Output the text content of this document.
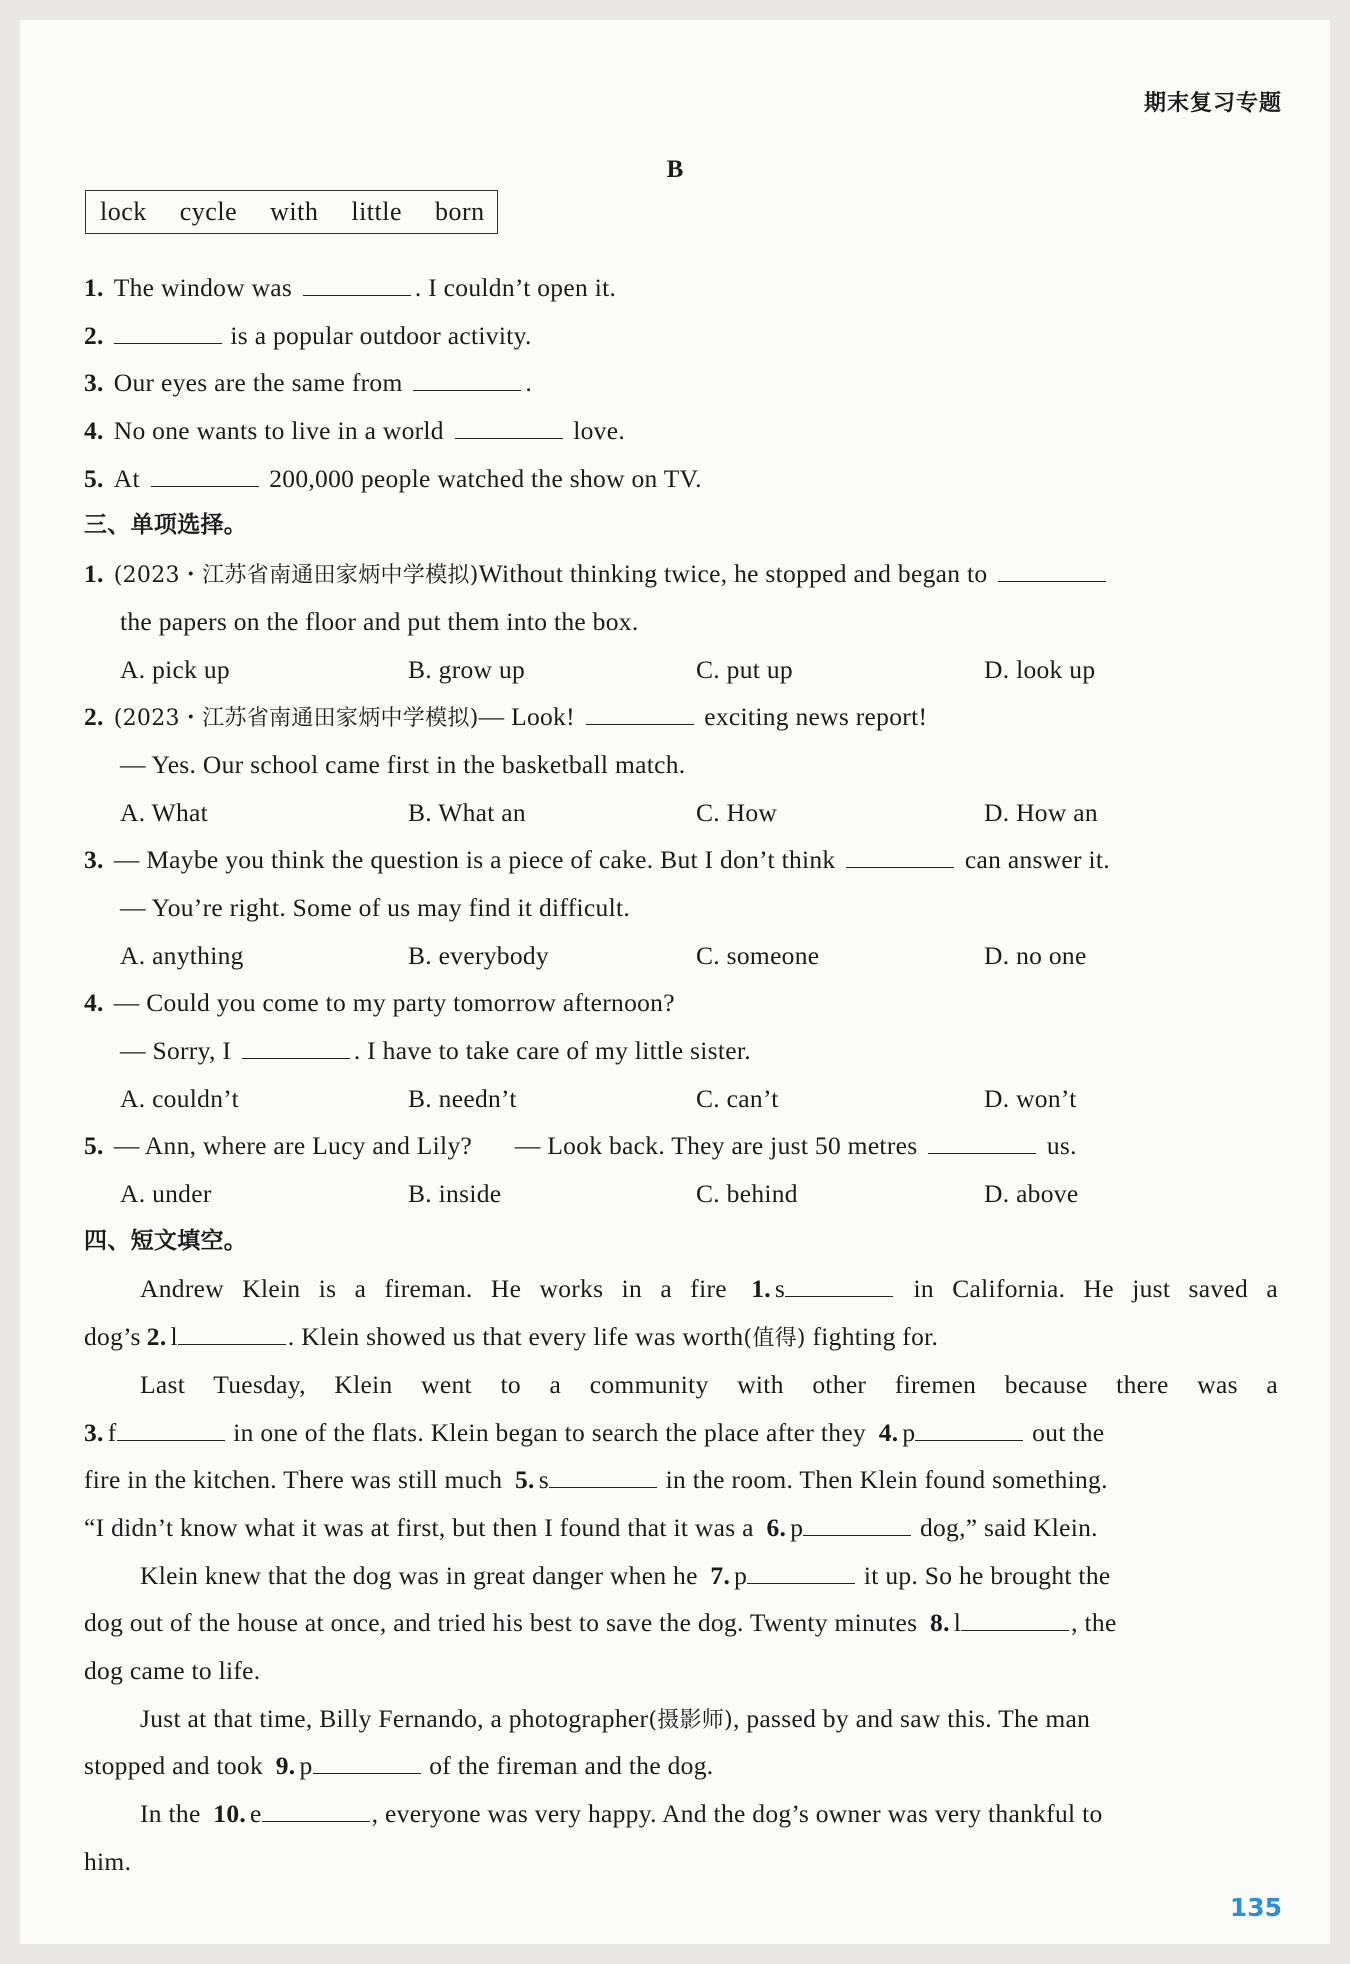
期末复习专题
B
lock cycle with little born
1. The window was	. I couldn’t open it.
2.	is a popular outdoor activity.
3. Our eyes are the same from	.
4. No one wants to live in a world	love.
5. At	200,000 people watched the show on TV.
三、单项选择。
1. (2023・江苏省南通田家炳中学模拟)Without thinking twice, he stopped and began to
the papers on the floor and put them into the box.
A. pick up	B. grow up	C. put up	D. look up
2. (2023・江苏省南通田家炳中学模拟)— Look!	exciting news report!
— Yes. Our school came first in the basketball match.
A. What	B. What an	C. How	D. How an
3. — Maybe you think the question is a piece of cake. But I don’t think	can answer it.
— You’re right. Some of us may find it difficult.
A. anything	B. everybody	C. someone	D. no one
4. — Could you come to my party tomorrow afternoon?
— Sorry, I	. I have to take care of my little sister.
A. couldn’t	B. needn’t	C. can’t	D. won’t
5. — Ann, where are Lucy and Lily? — Look back. They are just 50 metres	us.
A. under	B. inside	C. behind	D. above
四、短文填空。
Andrew Klein is a fireman. He works in a fire 1. s	in California. He just saved a
dog’s 2. l	. Klein showed us that every life was worth(值得) fighting for.
Last Tuesday, Klein went to a community with other firemen because there was a
3. f	in one of the flats. Klein began to search the place after they 4. p	out the
fire in the kitchen. There was still much 5. s	in the room. Then Klein found something.
“I didn’t know what it was at first, but then I found that it was a 6. p	dog,” said Klein.
Klein knew that the dog was in great danger when he 7. p	it up. So he brought the
dog out of the house at once, and tried his best to save the dog. Twenty minutes 8. l	, the
dog came to life.
Just at that time, Billy Fernando, a photographer(摄影师), passed by and saw this. The man
stopped and took 9. p	of the fireman and the dog.
In the 10. e	, everyone was very happy. And the dog’s owner was very thankful to
him.
135
